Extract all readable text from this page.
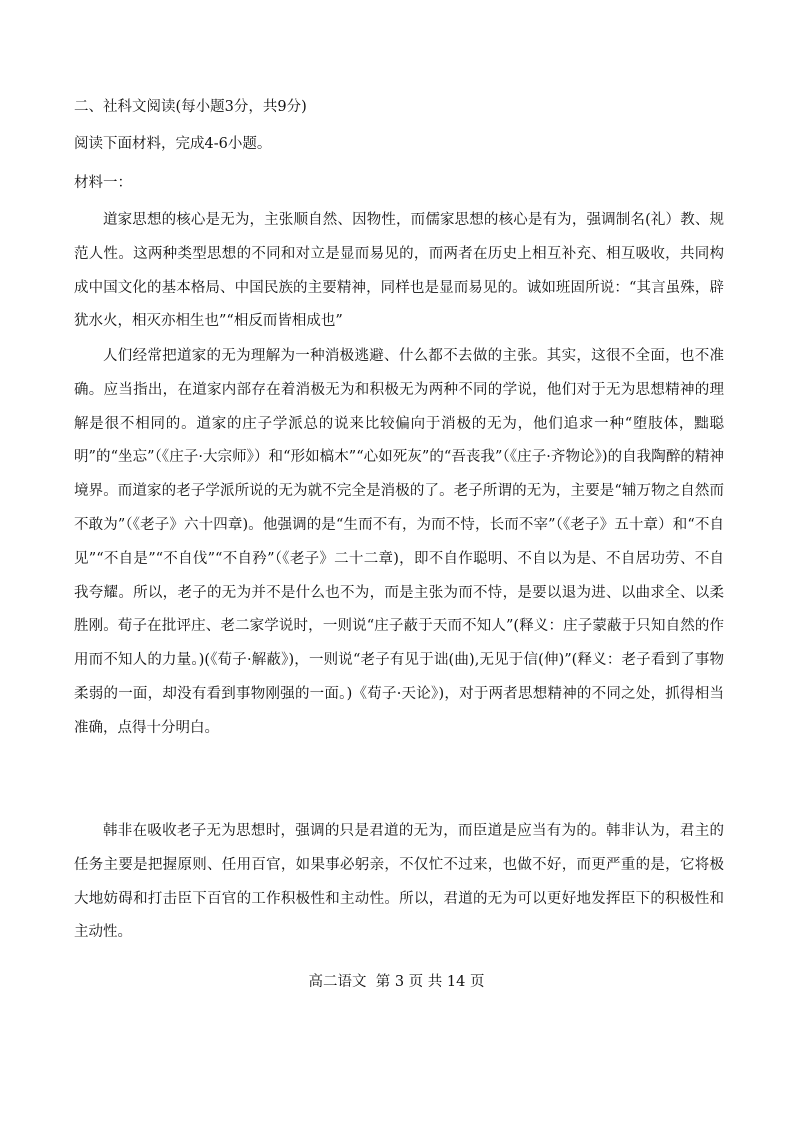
二、社科文阅读(每小题3分，共9分)
阅读下面材料，完成4-6小题。
材料一：

道家思想的核心是无为，主张顺自然、因物性，而儒家思想的核心是有为，强调制名(礼）教、规范人性。这两种类型思想的不同和对立是显而易见的，而两者在历史上相互补充、相互吸收，共同构成中国文化的基本格局、中国民族的主要精神，同样也是显而易见的。诚如班固所说：“其言虽殊，辟犹水火，相灭亦相生也”“相反而皆相成也”

人们经常把道家的无为理解为一种消极逃避、什么都不去做的主张。其实，这很不全面，也不准确。应当指出，在道家内部存在着消极无为和积极无为两种不同的学说，他们对于无为思想精神的理解是很不相同的。道家的庄子学派总的说来比较偏向于消极的无为，他们追求一种“堕肢体，黜聪明”的“坐忘”（《庄子·大宗师》）和“形如槁木”“心如死灰”的“吾丧我”（《庄子·齐物论》)的自我陶醉的精神境界。而道家的老子学派所说的无为就不完全是消极的了。老子所谓的无为，主要是“辅万物之自然而不敢为”（《老子》六十四章)。他强调的是“生而不有，为而不恃，长而不宰”（《老子》五十章）和“不自见”“不自是”“不自伐”“不自矜”（《老子》二十二章)，即不自作聪明、不自以为是、不自居功劳、不自我夸耀。所以，老子的无为并不是什么也不为，而是主张为而不恃，是要以退为进、以曲求全、以柔胜刚。荀子在批评庄、老二家学说时，一则说“庄子蔽于天而不知人”(释义：庄子蒙蔽于只知自然的作用而不知人的力量。)(《荀子·解蔽》)，一则说“老子有见于诎(曲),无见于信(伸)”(释义：老子看到了事物柔弱的一面，却没有看到事物刚强的一面。)《荀子·天论》)，对于两者思想精神的不同之处，抓得相当准确，点得十分明白。

韩非在吸收老子无为思想时，强调的只是君道的无为，而臣道是应当有为的。韩非认为，君主的任务主要是把握原则、任用百官，如果事必躬亲，不仅忙不过来，也做不好，而更严重的是，它将极大地妨碍和打击臣下百官的工作积极性和主动性。所以，君道的无为可以更好地发挥臣下的积极性和主动性。

高二语文  第 3 页 共 14 页
